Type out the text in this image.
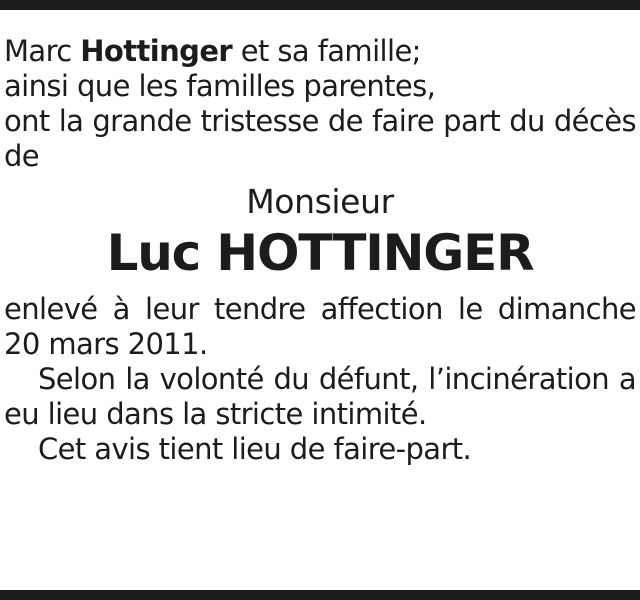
Marc Hottinger et sa famille;

ainsi que les familles parentes,

ont la grande tristesse de faire part du décès de

Monsieur
Luc HOTTINGER

enlevé à leur tendre affection le dimanche 20 mars 2011.

Selon la volonté du défunt, l’incinération a eu lieu dans la stricte intimité.

Cet avis tient lieu de faire-part.
